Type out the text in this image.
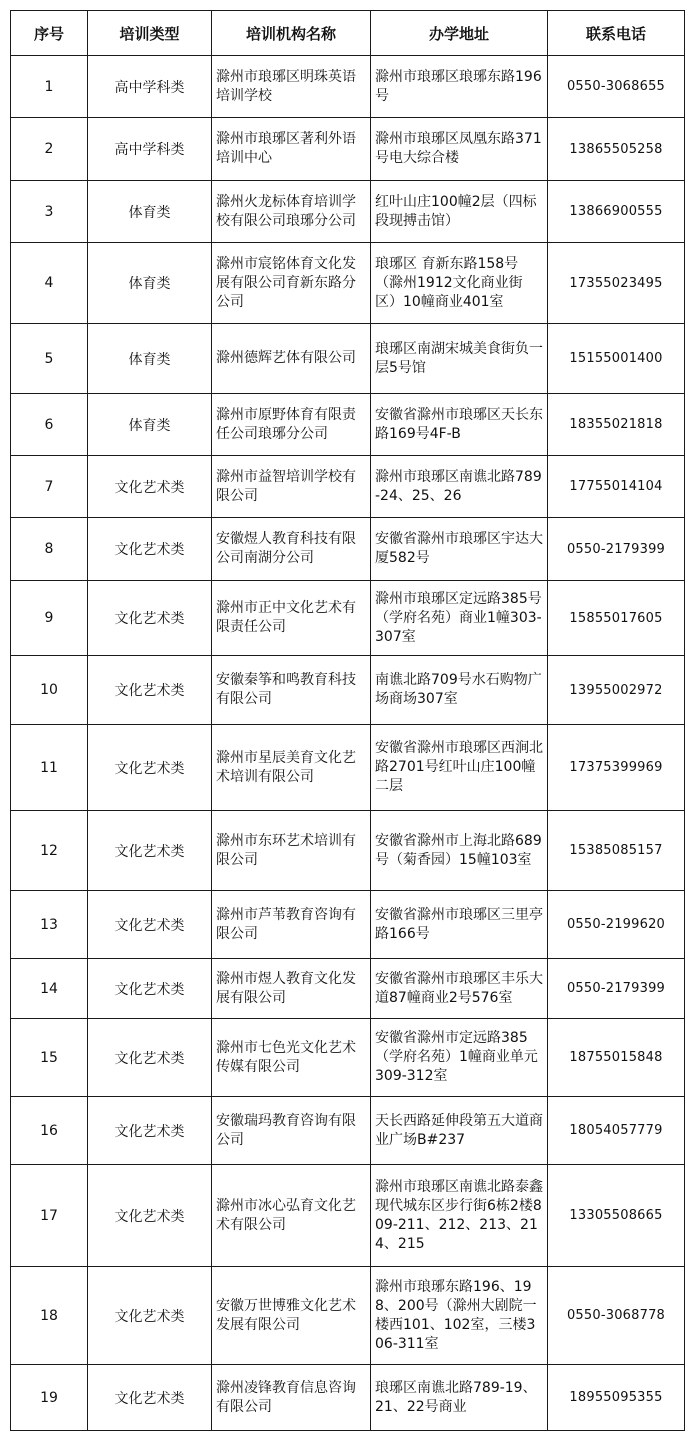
序号	培训类型	培训机构名称	办学地址	联系电话
1	高中学科类	滁州市琅琊区明珠英语培训学校	滁州市琅琊区琅琊东路196号	0550-3068655
2	高中学科类	滁州市琅琊区著利外语培训中心	滁州市琅琊区凤凰东路371号电大综合楼	13865505258
3	体育类	滁州火龙标体育培训学校有限公司琅琊分公司	红叶山庄100幢2层（四标段现搏击馆）	13866900555
4	体育类	滁州市宸铭体育文化发展有限公司育新东路分公司	琅琊区 育新东路158号（滁州1912文化商业街区）10幢商业401室	17355023495
5	体育类	滁州德辉艺体有限公司	琅琊区南湖宋城美食街负一层5号馆	15155001400
6	体育类	滁州市原野体育有限责任公司琅琊分公司	安徽省滁州市琅琊区天长东路169号4F-B	18355021818
7	文化艺术类	滁州市益智培训学校有限公司	滁州市琅琊区南谯北路789-24、25、26	17755014104
8	文化艺术类	安徽煜人教育科技有限公司南湖分公司	安徽省滁州市琅琊区宇达大厦582号	0550-2179399
9	文化艺术类	滁州市正中文化艺术有限责任公司	滁州市琅琊区定远路385号（学府名苑）商业1幢303-307室	15855017605
10	文化艺术类	安徽秦筝和鸣教育科技有限公司	南谯北路709号水石购物广场商场307室	13955002972
11	文化艺术类	滁州市星辰美育文化艺术培训有限公司	安徽省滁州市琅琊区西涧北路2701号红叶山庄100幢二层	17375399969
12	文化艺术类	滁州市东环艺术培训有限公司	安徽省滁州市上海北路689号（菊香园）15幢103室	15385085157
13	文化艺术类	滁州市芦苇教育咨询有限公司	安徽省滁州市琅琊区三里亭路166号	0550-2199620
14	文化艺术类	滁州市煜人教育文化发展有限公司	安徽省滁州市琅琊区丰乐大道87幢商业2号576室	0550-2179399
15	文化艺术类	滁州市七色光文化艺术传媒有限公司	安徽省滁州市定远路385（学府名苑）1幢商业单元309-312室	18755015848
16	文化艺术类	安徽瑞玛教育咨询有限公司	天长西路延伸段第五大道商业广场B#237	18054057779
17	文化艺术类	滁州市冰心弘育文化艺术有限公司	滁州市琅琊区南谯北路泰鑫现代城东区步行街6栋2楼809-211、212、213、214、215	13305508665
18	文化艺术类	安徽万世博雅文化艺术发展有限公司	滁州市琅琊东路196、198、200号（滁州大剧院一楼西101、102室，三楼306-311室	0550-3068778
19	文化艺术类	滁州凌锋教育信息咨询有限公司	琅琊区南谯北路789-19、21、22号商业	18955095355
